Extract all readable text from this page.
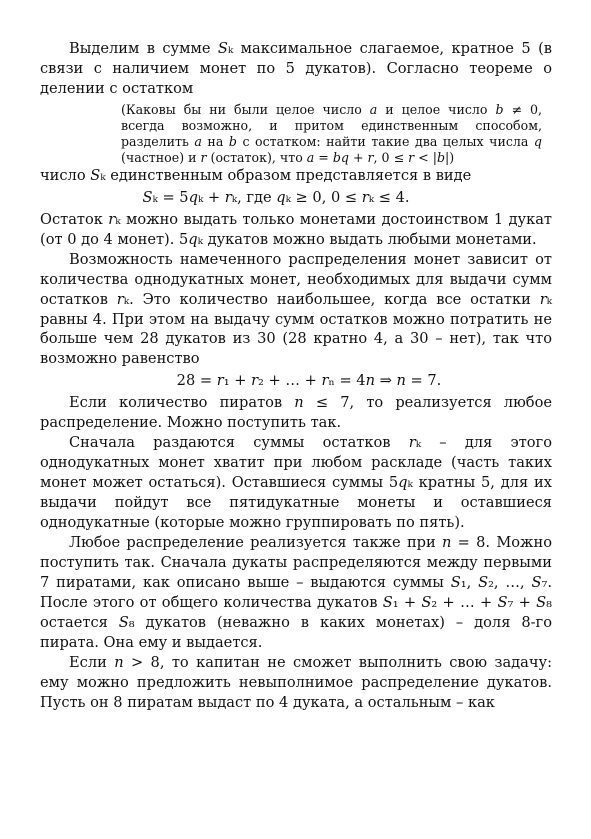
Выделим в сумме 𝑆ₖ максимальное слагаемое, кратное 5 (в связи с наличием монет по 5 дукатов). Согласно теореме о делении с остатком

(Каковы бы ни были целое число 𝑎 и целое число 𝑏 ≠ 0, всегда возможно, и притом единственным способом, разделить 𝑎 на 𝑏 с остатком: найти такие два целых числа 𝑞 (частное) и 𝑟 (остаток), что 𝑎 = 𝑏𝑞 + 𝑟, 0 ≤ 𝑟 < |𝑏|)

число 𝑆ₖ единственным образом представляется в виде

𝑆ₖ = 5𝑞ₖ + 𝑟ₖ, где 𝑞ₖ ≥ 0, 0 ≤ 𝑟ₖ ≤ 4.

Остаток 𝑟ₖ можно выдать только монетами достоинством 1 дукат (от 0 до 4 монет). 5𝑞ₖ дукатов можно выдать любыми монетами.

Возможность намеченного распределения монет зависит от количества однодукатных монет, необходимых для выдачи сумм остатков 𝑟ₖ. Это количество наибольшее, когда все остатки 𝑟ₖ равны 4. При этом на выдачу сумм остатков можно потратить не больше чем 28 дукатов из 30 (28 кратно 4, а 30 – нет), так что возможно равенство

28 = 𝑟₁ + 𝑟₂ + … + 𝑟ₙ = 4𝑛 ⇒ 𝑛 = 7.

Если количество пиратов 𝑛 ≤ 7, то реализуется любое распределение. Можно поступить так.

Сначала раздаются суммы остатков 𝑟ₖ – для этого однодукатных монет хватит при любом раскладе (часть таких монет может остаться). Оставшиеся суммы 5𝑞ₖ кратны 5, для их выдачи пойдут все пятидукатные монеты и оставшиеся однодукатные (которые можно группировать по пять).

Любое распределение реализуется также при 𝑛 = 8. Можно поступить так. Сначала дукаты распределяются между первыми 7 пиратами, как описано выше – выдаются суммы 𝑆₁, 𝑆₂, …, 𝑆₇. После этого от общего количества дукатов 𝑆₁ + 𝑆₂ + … + 𝑆₇ + 𝑆₈ остается 𝑆₈ дукатов (неважно в каких монетах) – доля 8-го пирата. Она ему и выдается.

Если 𝑛 > 8, то капитан не сможет выполнить свою задачу: ему можно предложить невыполнимое распределение дукатов. Пусть он 8 пиратам выдаст по 4 дуката, а остальным – как
